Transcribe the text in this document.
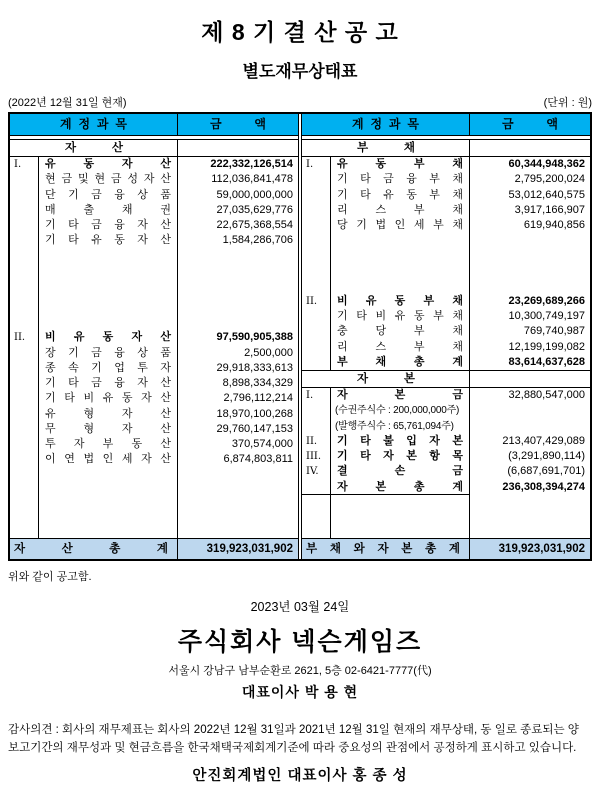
제 8 기 결 산 공 고
별도재무상태표
(2022년 12월 31일 현재)	(단위 : 원)
계 정 과 목	금 액
자 산
I.	유 동 자 산	222,332,126,514
현 금 및 현 금 성 자 산	112,036,841,478
단 기 금 융 상 품	59,000,000,000
매 출 채 권	27,035,629,776
기 타 금 융 자 산	22,675,368,554
기 타 유 동 자 산	1,584,286,706
II.	비 유 동 자 산	97,590,905,388
장 기 금 융 상 품	2,500,000
종 속 기 업 투 자	29,918,333,613
기 타 금 융 자 산	8,898,334,329
기 타 비 유 동 자 산	2,796,112,214
유 형 자 산	18,970,100,268
무 형 자 산	29,760,147,153
투 자 부 동 산	370,574,000
이 연 법 인 세 자 산	6,874,803,811
자 산 총 계	319,923,031,902
계 정 과 목	금 액
부 채
I.	유 동 부 채	60,344,948,362
기 타 금 융 부 채	2,795,200,024
기 타 유 동 부 채	53,012,640,575
리 스 부 채	3,917,166,907
당 기 법 인 세 부 채	619,940,856
II.	비 유 동 부 채	23,269,689,266
기 타 비 유 동 부 채	10,300,749,197
충 당 부 채	769,740,987
리 스 부 채	12,199,199,082
부 채 총 계	83,614,637,628
자 본
I.	자 본 금	32,880,547,000
(수권주식수 : 200,000,000주)
(발행주식수 : 65,761,094주)
II.	기 타 불 입 자 본	213,407,429,089
III.	기 타 자 본 항 목	(3,291,890,114)
IV.	결 손 금	(6,687,691,701)
자 본 총 계	236,308,394,274
부 채 와 자 본 총 계	319,923,031,902

위와 같이 공고함.

2023년 03월 24일

주식회사 넥슨게임즈

서울시 강남구 남부순환로 2621, 5층 02-6421-7777(代)

대표이사 박 용 현

감사의견 : 회사의 재무제표는 회사의 2022년 12월 31일과 2021년 12월 31일 현재의 재무상태, 동 일로 종료되는 양 보고기간의 재무성과 및 현금흐름을 한국채택국제회계기준에 따라 중요성의 관점에서 공정하게 표시하고 있습니다.

안진회계법인 대표이사 홍 종 성
